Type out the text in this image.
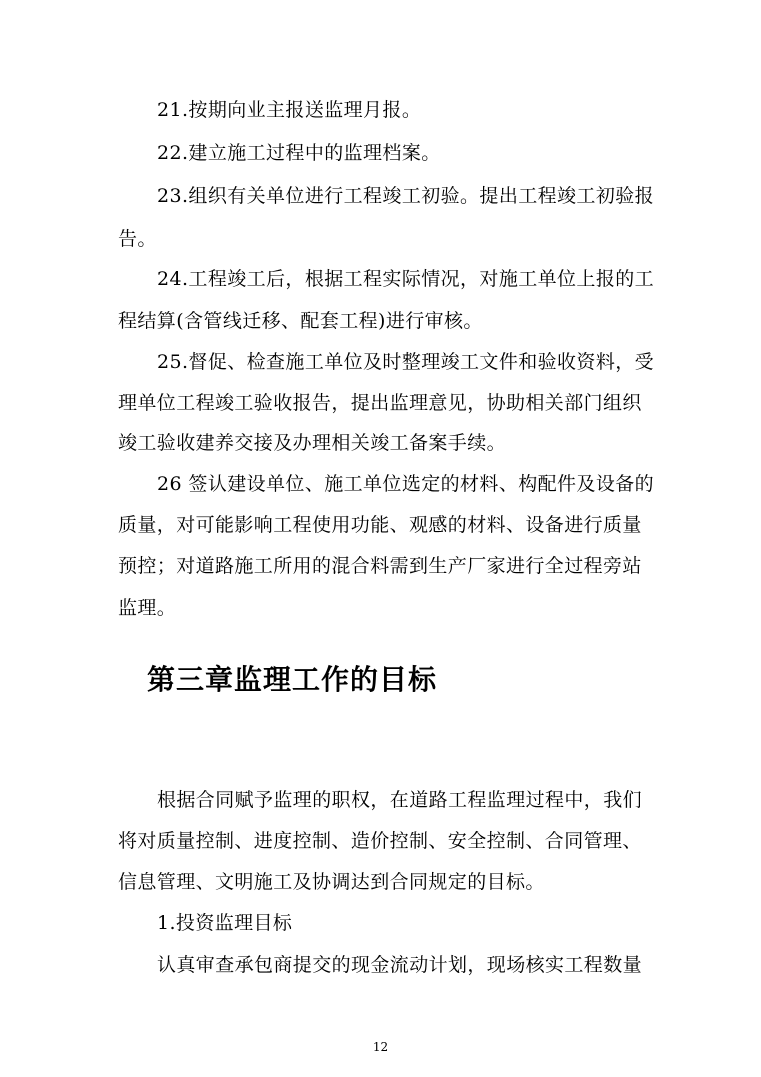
21.按期向业主报送监理月报。
22.建立施工过程中的监理档案。
23.组织有关单位进行工程竣工初验。提出工程竣工初验报
告。
24.工程竣工后，根据工程实际情况，对施工单位上报的工
程结算(含管线迁移、配套工程)进行审核。
25.督促、检查施工单位及时整理竣工文件和验收资料，受
理单位工程竣工验收报告，提出监理意见，协助相关部门组织
竣工验收建养交接及办理相关竣工备案手续。
26 签认建设单位、施工单位选定的材料、构配件及设备的
质量，对可能影响工程使用功能、观感的材料、设备进行质量
预控；对道路施工所用的混合料需到生产厂家进行全过程旁站
监理。
第三章监理工作的目标
根据合同赋予监理的职权，在道路工程监理过程中，我们
将对质量控制、进度控制、造价控制、安全控制、合同管理、
信息管理、文明施工及协调达到合同规定的目标。
1.投资监理目标
认真审查承包商提交的现金流动计划，现场核实工程数量
12
